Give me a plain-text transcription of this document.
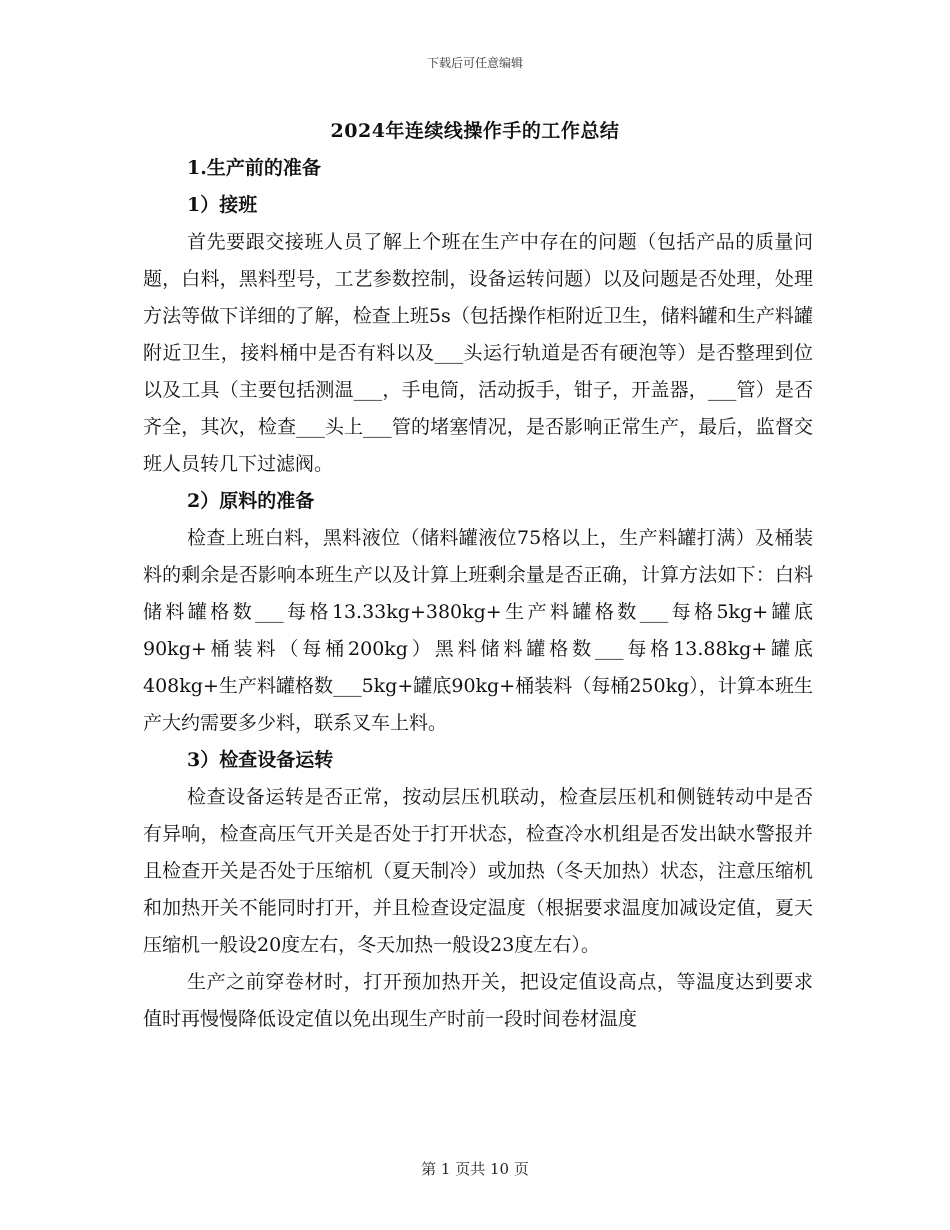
下载后可任意编辑
2024年连续线操作手的工作总结

1.生产前的准备

1）接班

首先要跟交接班人员了解上个班在生产中存在的问题（包括产品的质量问题，白料，黑料型号，工艺参数控制，设备运转问题）以及问题是否处理，处理方法等做下详细的了解，检查上班5s（包括操作柜附近卫生，储料罐和生产料罐附近卫生，接料桶中是否有料以及___头运行轨道是否有硬泡等）是否整理到位以及工具（主要包括测温___，手电筒，活动扳手，钳子，开盖器，___管）是否齐全，其次，检查___头上___管的堵塞情况，是否影响正常生产，最后，监督交班人员转几下过滤阀。

2）原料的准备

检查上班白料，黑料液位（储料罐液位75格以上，生产料罐打满）及桶装料的剩余是否影响本班生产以及计算上班剩余量是否正确，计算方法如下：白料储料罐格数___每格13.33kg+380kg+生产料罐格数___每格5kg+罐底90kg+桶装料（每桶200kg）黑料储料罐格数___每格13.88kg+罐底408kg+生产料罐格数___5kg+罐底90kg+桶装料（每桶250kg），计算本班生产大约需要多少料，联系叉车上料。

3）检查设备运转

检查设备运转是否正常，按动层压机联动，检查层压机和侧链转动中是否有异响，检查高压气开关是否处于打开状态，检查冷水机组是否发出缺水警报并且检查开关是否处于压缩机（夏天制冷）或加热（冬天加热）状态，注意压缩机和加热开关不能同时打开，并且检查设定温度（根据要求温度加减设定值，夏天压缩机一般设20度左右，冬天加热一般设23度左右）。

生产之前穿卷材时，打开预加热开关，把设定值设高点，等温度达到要求值时再慢慢降低设定值以免出现生产时前一段时间卷材温度

第 1 页共 10 页
